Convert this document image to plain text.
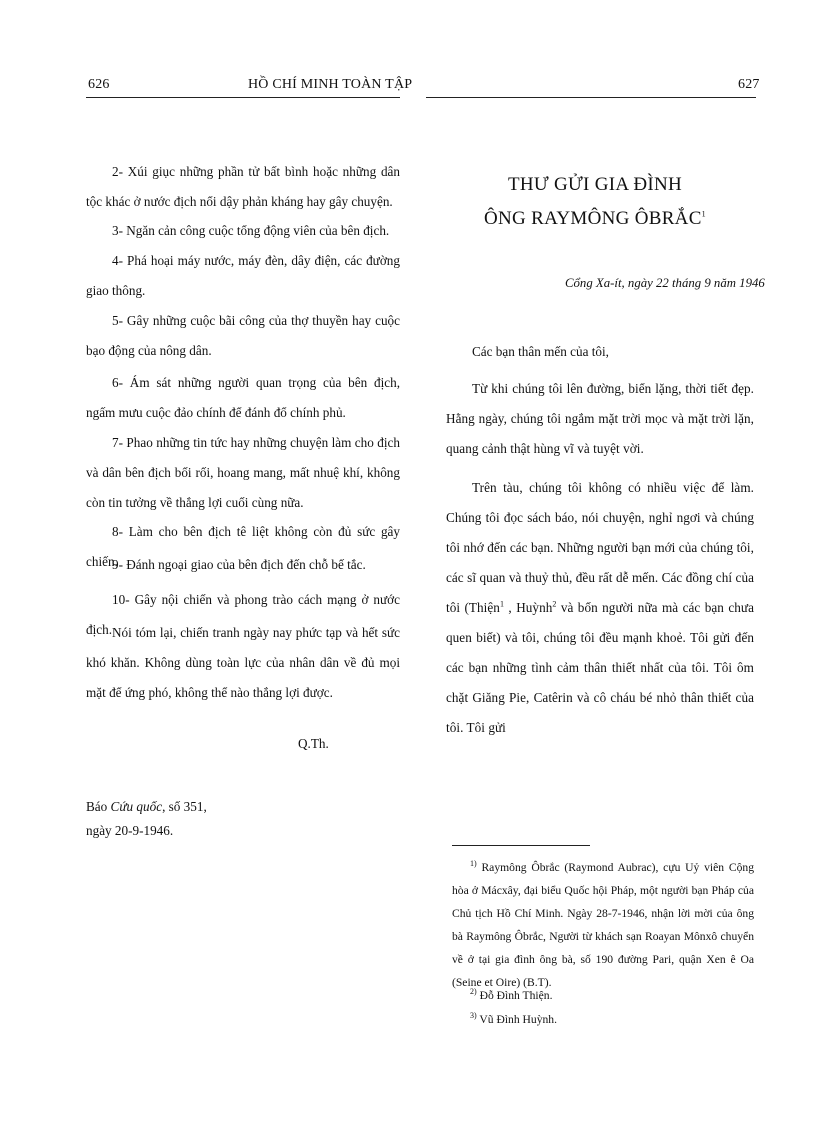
626	HỒ CHÍ MINH TOÀN TẬP	627
2- Xúi giục những phần tử bất bình hoặc những dân tộc khác ở nước địch nổi dậy phản kháng hay gây chuyện.
3- Ngăn cản công cuộc tổng động viên của bên địch.
4- Phá hoại máy nước, máy đèn, dây điện, các đường giao thông.
5- Gây những cuộc bãi công của thợ thuyền hay cuộc bạo động của nông dân.
6- Ám sát những người quan trọng của bên địch, ngấm mưu cuộc đảo chính để đánh đổ chính phủ.
7- Phao những tin tức hay những chuyện làm cho địch và dân bên địch bối rối, hoang mang, mất nhuệ khí, không còn tin tưởng về thắng lợi cuối cùng nữa.
8- Làm cho bên địch tê liệt không còn đủ sức gây chiến.
9- Đánh ngoại giao của bên địch đến chỗ bế tắc.
10- Gây nội chiến và phong trào cách mạng ở nước địch. Nói tóm lại, chiến tranh ngày nay phức tạp và hết sức khó khăn. Không dùng toàn lực của nhân dân về đủ mọi mặt để ứng phó, không thể nào thắng lợi được.
Q.Th.
Báo Cứu quốc, số 351,
ngày 20-9-1946.
THƯ GỬI GIA ĐÌNH
ÔNG RAYMÔNG ÔBRẮC$^1$
Cổng Xa-ít, ngày 22 tháng 9 năm 1946
Các bạn thân mến của tôi,
Từ khi chúng tôi lên đường, biển lặng, thời tiết đẹp. Hằng ngày, chúng tôi ngắm mặt trời mọc và mặt trời lặn, quang cảnh thật hùng vĩ và tuyệt vời.
Trên tàu, chúng tôi không có nhiều việc để làm. Chúng tôi đọc sách báo, nói chuyện, nghỉ ngơi và chúng tôi nhớ đến các bạn. Những người bạn mới của chúng tôi, các sĩ quan và thuỷ thủ, đều rất dễ mến. Các đồng chí của tôi (Thiện$^1$ , Huỳnh$^2$ và bốn người nữa mà các bạn chưa quen biết) và tôi, chúng tôi đều mạnh khoẻ. Tôi gửi đến các bạn những tình cảm thân thiết nhất của tôi. Tôi ôm chặt Giăng Pie, Catêrin và cô cháu bé nhỏ thân thiết của tôi. Tôi gửi
$^{1)}$ Raymông Ôbrắc (Raymond Aubrac), cựu Uỷ viên Cộng hòa ở Mácxây, đại biểu Quốc hội Pháp, một người bạn Pháp của Chủ tịch Hồ Chí Minh. Ngày 28-7-1946, nhận lời mời của ông bà Raymông Ôbrắc, Người từ khách sạn Roayan Mônxô chuyển về ở tại gia đình ông bà, số 190 đường Pari, quận Xen ê Oa (Seine et Oire) (B.T).
$^{2)}$ Đỗ Đình Thiện.
$^{3)}$ Vũ Đình Huỳnh.
